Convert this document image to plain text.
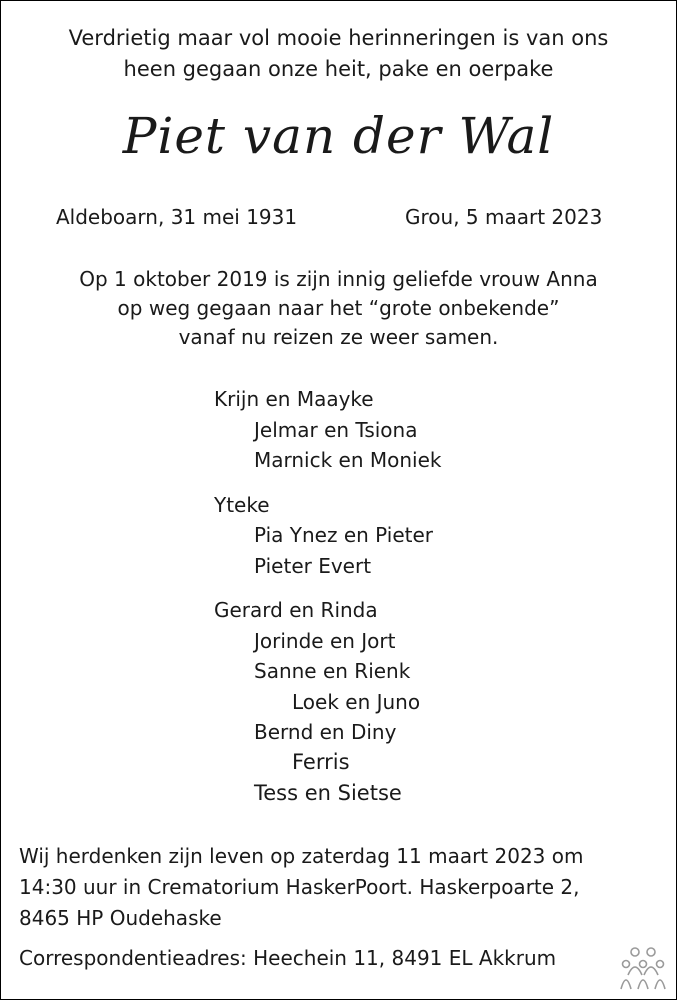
Verdrietig maar vol mooie herinneringen is van ons
heen gegaan onze heit, pake en oerpake
Piet van der Wal
Aldeboarn, 31 mei 1931	Grou, 5 maart 2023
Op 1 oktober 2019 is zijn innig geliefde vrouw Anna
op weg gegaan naar het “grote onbekende”
vanaf nu reizen ze weer samen.
Krijn en Maayke
Jelmar en Tsiona
Marnick en Moniek
Yteke
Pia Ynez en Pieter
Pieter Evert
Gerard en Rinda
Jorinde en Jort
Sanne en Rienk
Loek en Juno
Bernd en Diny
Ferris
Tess en Sietse
Wij herdenken zijn leven op zaterdag 11 maart 2023 om
14:30 uur in Crematorium HaskerPoort. Haskerpoarte 2,
8465 HP Oudehaske
Correspondentieadres: Heechein 11, 8491 EL Akkrum
